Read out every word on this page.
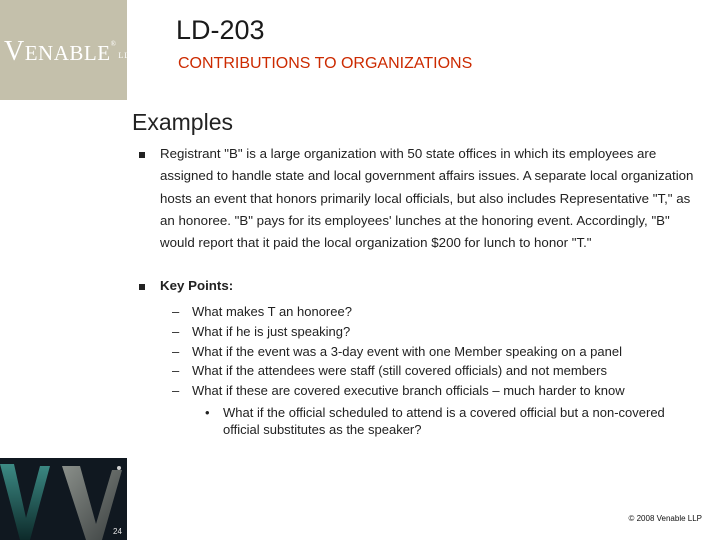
VENABLE®LLP
LD-203
CONTRIBUTIONS TO ORGANIZATIONS
Examples
Registrant "B" is a large organization with 50 state offices in which its employees are assigned to handle state and local government affairs issues. A separate local organization hosts an event that honors primarily local officials, but also includes Representative "T," as an honoree. "B" pays for its employees' lunches at the honoring event. Accordingly, "B" would report that it paid the local organization $200 for lunch to honor "T."
Key Points:
– What makes T an honoree?
– What if he is just speaking?
– What if the event was a 3-day event with one Member speaking on a panel
– What if the attendees were staff (still covered officials) and not members
– What if these are covered executive branch officials – much harder to know
•	What if the official scheduled to attend is a covered official but a non-covered official substitutes as the speaker?
24
© 2008 Venable LLP
